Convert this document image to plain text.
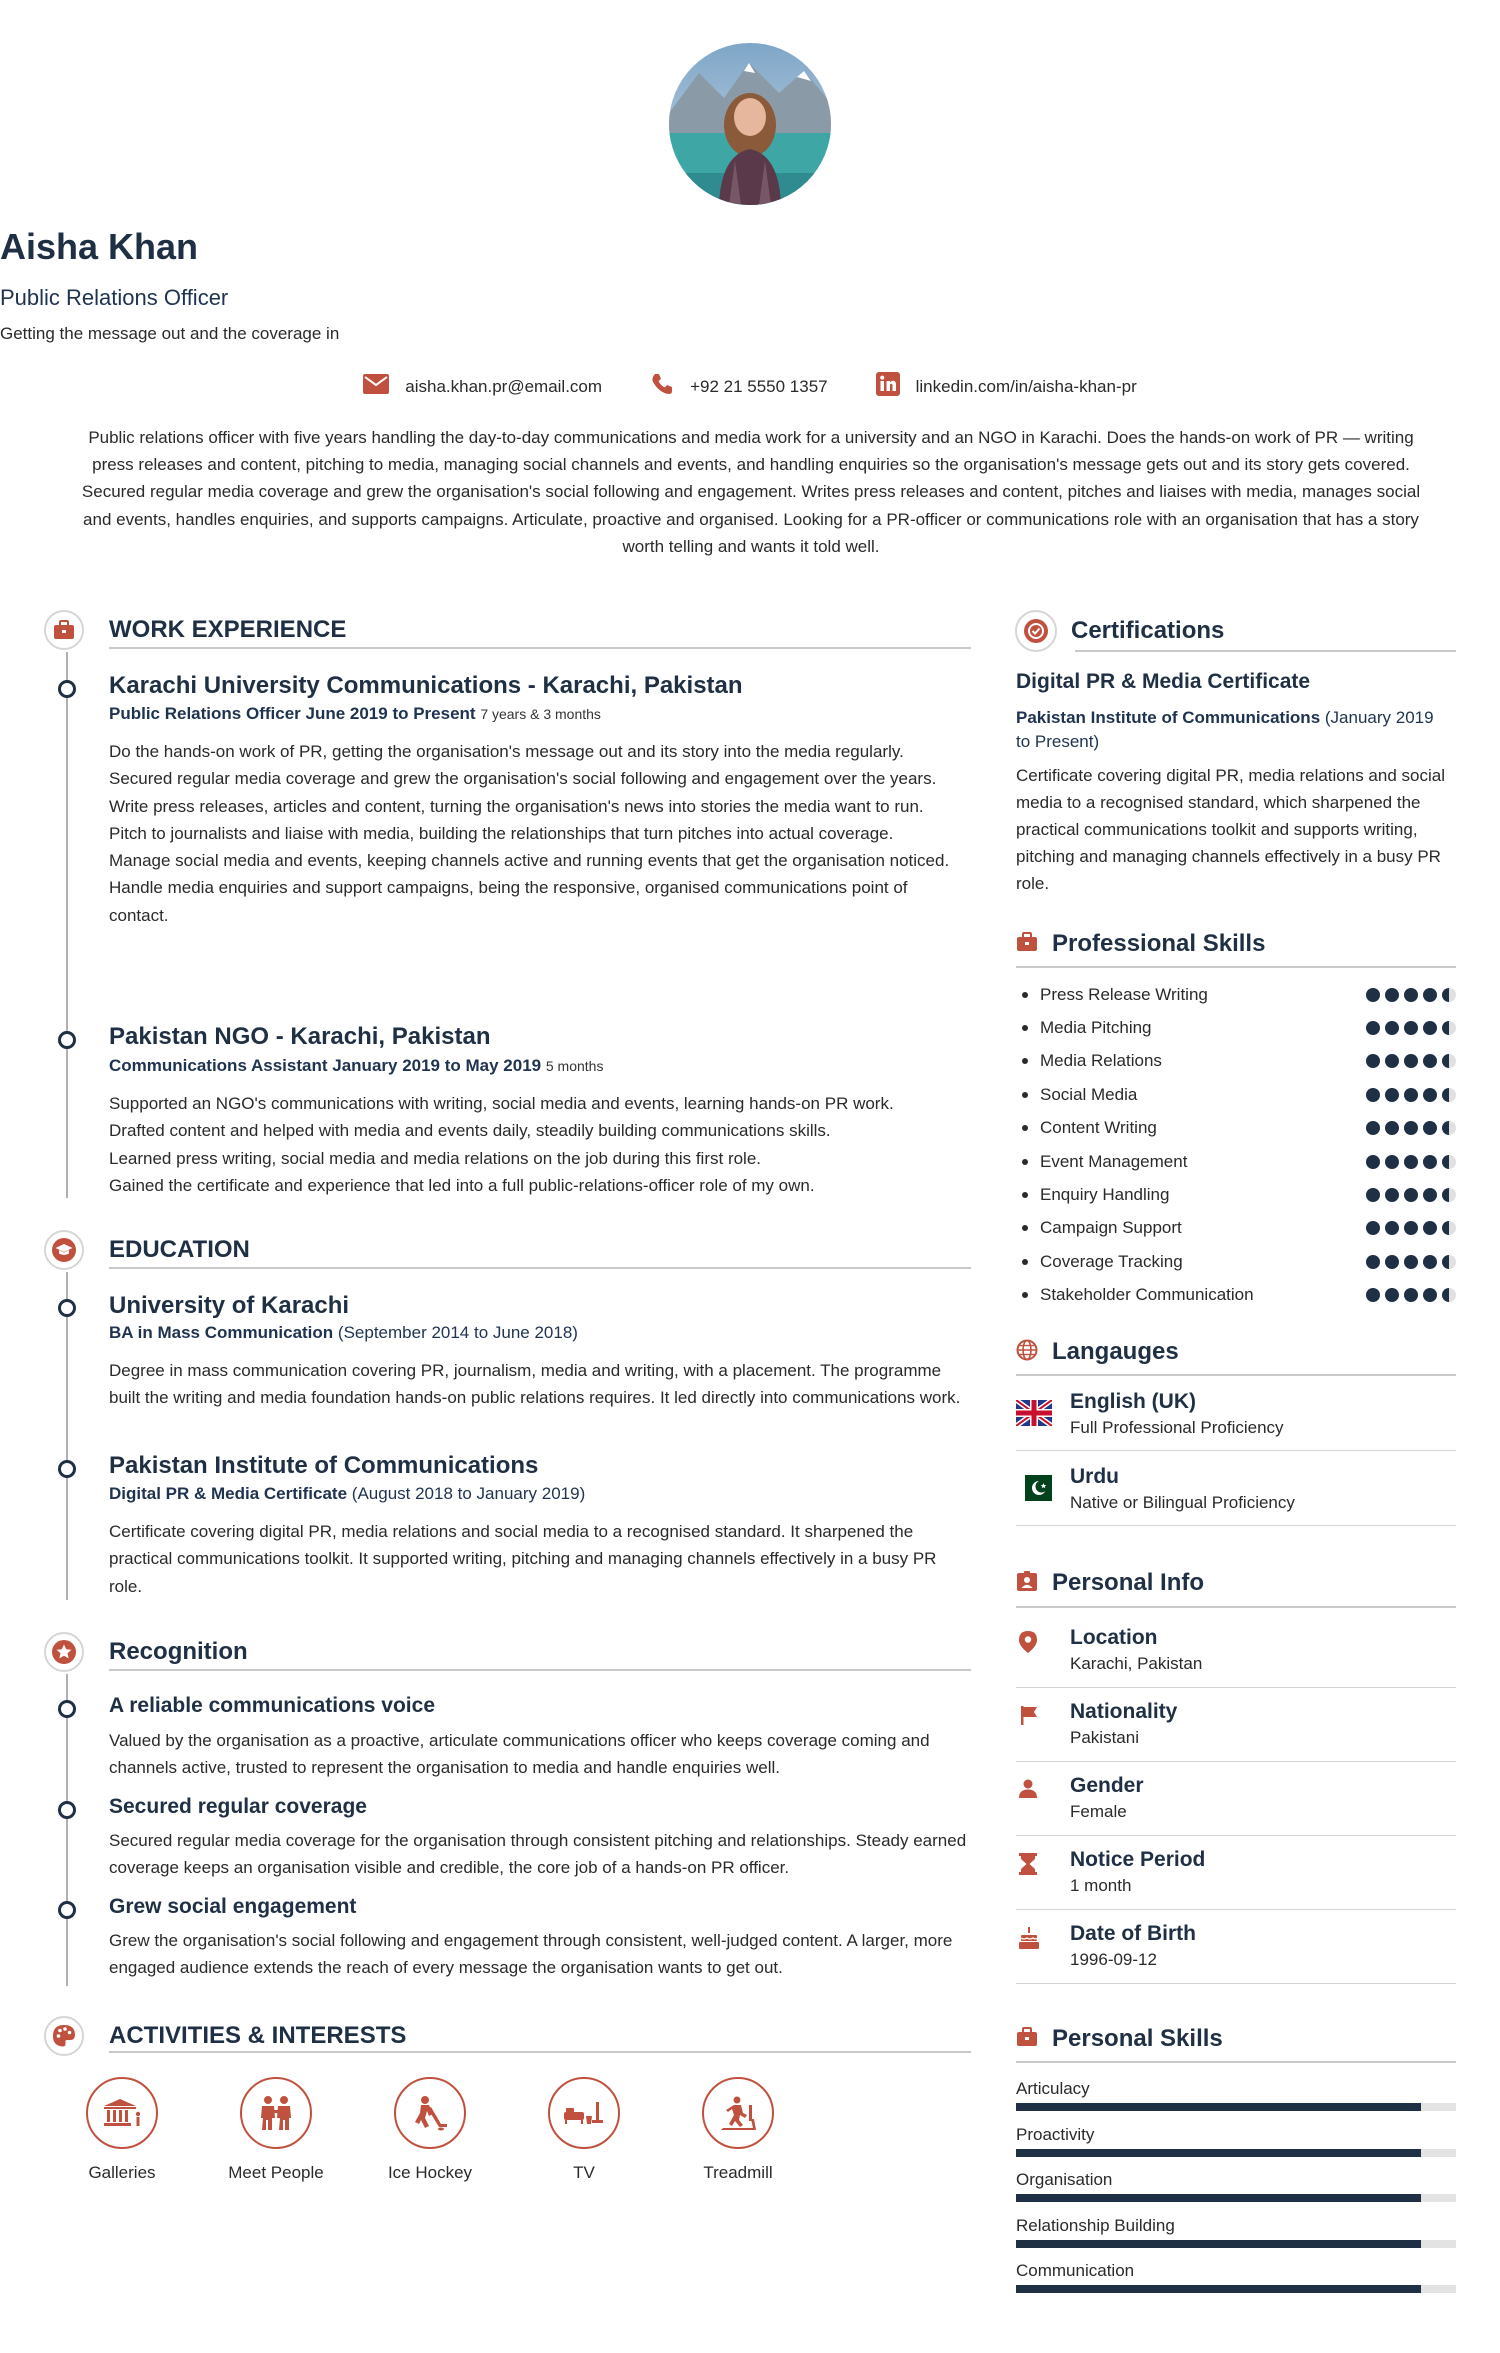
Aisha Khan
Public Relations Officer
Getting the message out and the coverage in
aisha.khan.pr@email.com	+92 21 5550 1357	linkedin.com/in/aisha-khan-pr
Public relations officer with five years handling the day-to-day communications and media work for a university and an NGO in Karachi. Does the hands-on work of PR — writing press releases and content, pitching to media, managing social channels and events, and handling enquiries so the organisation's message gets out and its story gets covered. Secured regular media coverage and grew the organisation's social following and engagement. Writes press releases and content, pitches and liaises with media, manages social and events, handles enquiries, and supports campaigns. Articulate, proactive and organised. Looking for a PR-officer or communications role with an organisation that has a story worth telling and wants it told well.
WORK EXPERIENCE
Karachi University Communications - Karachi, Pakistan
Public Relations Officer June 2019 to Present 7 years & 3 months
Do the hands-on work of PR, getting the organisation's message out and its story into the media regularly.
Secured regular media coverage and grew the organisation's social following and engagement over the years.
Write press releases, articles and content, turning the organisation's news into stories the media want to run.
Pitch to journalists and liaise with media, building the relationships that turn pitches into actual coverage.
Manage social media and events, keeping channels active and running events that get the organisation noticed.
Handle media enquiries and support campaigns, being the responsive, organised communications point of contact.
Pakistan NGO - Karachi, Pakistan
Communications Assistant January 2019 to May 2019 5 months
Supported an NGO's communications with writing, social media and events, learning hands-on PR work.
Drafted content and helped with media and events daily, steadily building communications skills.
Learned press writing, social media and media relations on the job during this first role.
Gained the certificate and experience that led into a full public-relations-officer role of my own.
EDUCATION
University of Karachi
BA in Mass Communication (September 2014 to June 2018)
Degree in mass communication covering PR, journalism, media and writing, with a placement. The programme built the writing and media foundation hands-on public relations requires. It led directly into communications work.
Pakistan Institute of Communications
Digital PR & Media Certificate (August 2018 to January 2019)
Certificate covering digital PR, media relations and social media to a recognised standard. It sharpened the practical communications toolkit. It supported writing, pitching and managing channels effectively in a busy PR role.
Recognition
A reliable communications voice
Valued by the organisation as a proactive, articulate communications officer who keeps coverage coming and channels active, trusted to represent the organisation to media and handle enquiries well.
Secured regular coverage
Secured regular media coverage for the organisation through consistent pitching and relationships. Steady earned coverage keeps an organisation visible and credible, the core job of a hands-on PR officer.
Grew social engagement
Grew the organisation's social following and engagement through consistent, well-judged content. A larger, more engaged audience extends the reach of every message the organisation wants to get out.
ACTIVITIES & INTERESTS
Galleries	Meet People	Ice Hockey	TV	Treadmill
Certifications
Digital PR & Media Certificate
Pakistan Institute of Communications (January 2019
to Present)
Certificate covering digital PR, media relations and social media to a recognised standard, which sharpened the practical communications toolkit and supports writing, pitching and managing channels effectively in a busy PR role.
Professional Skills
Press Release Writing
Media Pitching
Media Relations
Social Media
Content Writing
Event Management
Enquiry Handling
Campaign Support
Coverage Tracking
Stakeholder Communication
Langauges
English (UK)
Full Professional Proficiency
Urdu
Native or Bilingual Proficiency
Personal Info
Location
Karachi, Pakistan
Nationality
Pakistani
Gender
Female
Notice Period
1 month
Date of Birth
1996-09-12
Personal Skills
Articulacy
Proactivity
Organisation
Relationship Building
Communication
